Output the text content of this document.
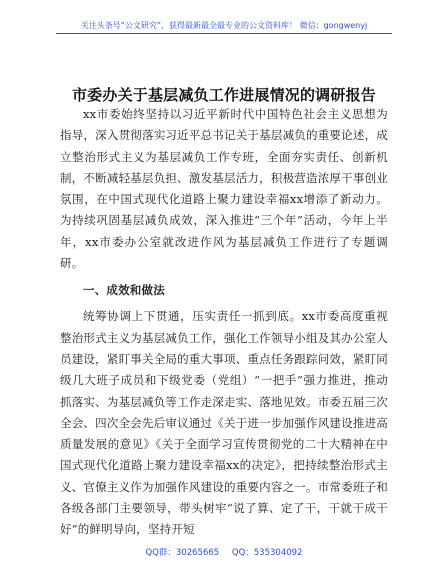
关注头条号“公文研究”，获得最新最全最专业的公文资料库！ 微信：gongwenyj
市委办关于基层减负工作进展情况的调研报告

xx市委始终坚持以习近平新时代中国特色社会主义思想为指导，深入贯彻落实习近平总书记关于基层减负的重要论述，成立整治形式主义为基层减负工作专班，全面夯实责任、创新机制，不断减轻基层负担、激发基层活力，积极营造浓厚干事创业氛围，在中国式现代化道路上聚力建设幸福xx增添了新动力。为持续巩固基层减负成效，深入推进“三个年”活动，今年上半年，xx市委办公室就改进作风为基层减负工作进行了专题调研。

一、成效和做法

统筹协调上下贯通，压实责任一抓到底。xx市委高度重视整治形式主义为基层减负工作，强化工作领导小组及其办公室人员建设，紧盯事关全局的重大事项、重点任务跟踪问效，紧盯同级几大班子成员和下级党委（党组）“一把手”强力推进，推动抓落实、为基层减负等工作走深走实、落地见效。市委五届三次全会、四次全会先后审议通过《关于进一步加强作风建设推进高质量发展的意见》《关于全面学习宣传贯彻党的二十大精神在中国式现代化道路上聚力建设幸福xx的决定》，把持续整治形式主义、官僚主义作为加强作风建设的重要内容之一。市常委班子和各级各部门主要领导，带头树牢“说了算、定了干，干就干成干好”的鲜明导向，坚持开短

QQ群：30265665 QQ：535304092
